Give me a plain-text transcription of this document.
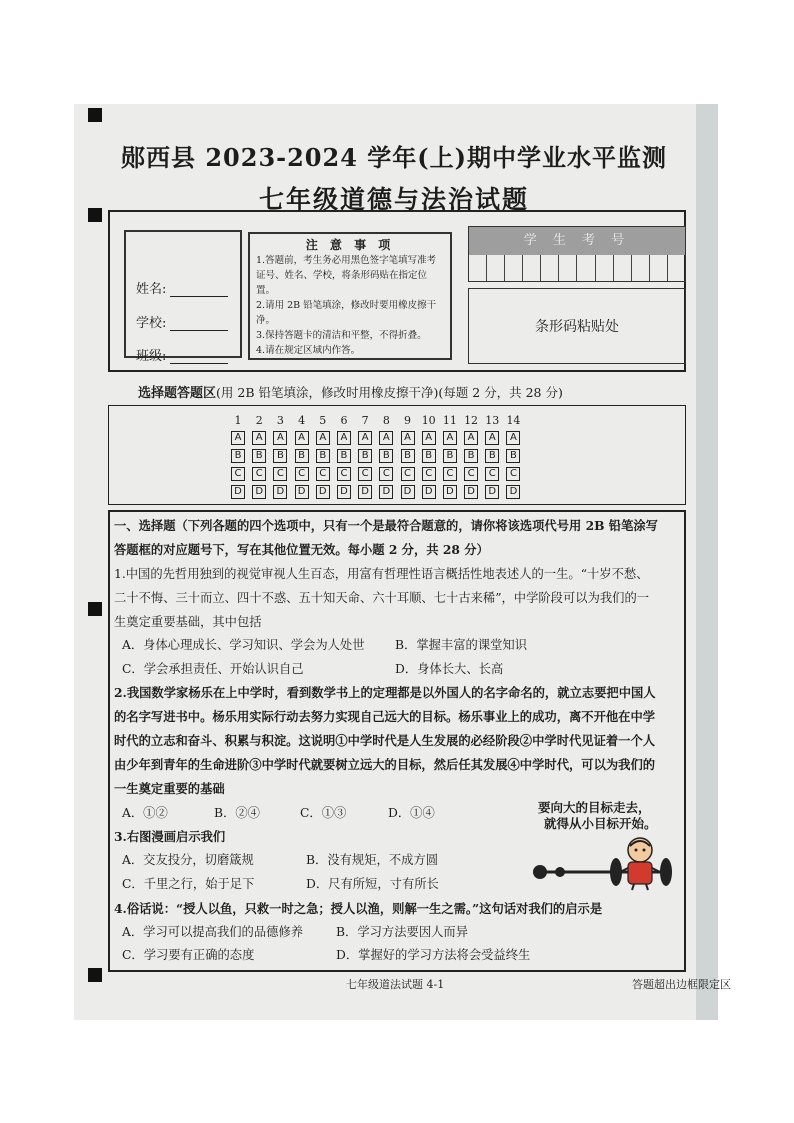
郧西县 2023-2024 学年(上)期中学业水平监测
七年级道德与法治试题
姓名:
学校:
班级:
注 意 事 项
1.答题前，考生务必用黑色签字笔填写准考证号、姓名、学校，将条形码贴在指定位置。
2.请用 2B 铅笔填涂，修改时要用橡皮擦干净。
3.保持答题卡的清洁和平整，不得折叠。
4.请在规定区域内作答。
学 生 考 号
条形码粘贴处
选择题答题区(用 2B 铅笔填涂，修改时用橡皮擦干净)(每题 2 分，共 28 分)
1	2	3	4	5	6	7	8	9 10 11 12 13 14
A	A	A	A	A	A	A	A	A	A	A	A	A	A
B	B	B	B	B	B	B	B	B	B	B	B	B	B
C	C	C	C	C	C	C	C	C	C	C	C	C	C
D	D	D	D	D	D	D	D	D	D	D	D	D	D
一、选择题（下列各题的四个选项中，只有一个是最符合题意的，请你将该选项代号用 2B 铅笔涂写
答题框的对应题号下，写在其他位置无效。每小题 2 分，共 28 分）
1.中国的先哲用独到的视觉审视人生百态，用富有哲理性语言概括性地表述人的一生。“十岁不愁、
二十不悔、三十而立、四十不惑、五十知天命、六十耳顺、七十古来稀”，中学阶段可以为我们的一
生奠定重要基础，其中包括
A．身体心理成长、学习知识、学会为人处世 B．掌握丰富的课堂知识
C．学会承担责任、开始认识自己	D．身体长大、长高
2.我国数学家杨乐在上中学时，看到数学书上的定理都是以外国人的名字命名的，就立志要把中国人
的名字写进书中。杨乐用实际行动去努力实现自己远大的目标。杨乐事业上的成功，离不开他在中学
时代的立志和奋斗、积累与积淀。这说明①中学时代是人生发展的必经阶段②中学时代见证着一个人
由少年到青年的生命进阶③中学时代就要树立远大的目标，然后任其发展④中学时代，可以为我们的
一生奠定重要的基础
A．①②	B．②④	C．①③	D．①④
3.右图漫画启示我们
A．交友投分，切磨箴规	B．没有规矩，不成方圆
C．千里之行，始于足下	D．尺有所短，寸有所长
4.俗话说：“授人以鱼，只救一时之急；授人以渔，则解一生之需。”这句话对我们的启示是
A．学习可以提高我们的品德修养	B．学习方法要因人而异
C．学习要有正确的态度	D．掌握好的学习方法将会受益终生
要向大的目标走去，
就得从小目标开始。
七年级道法试题 4-1	答题超出边框限定区
